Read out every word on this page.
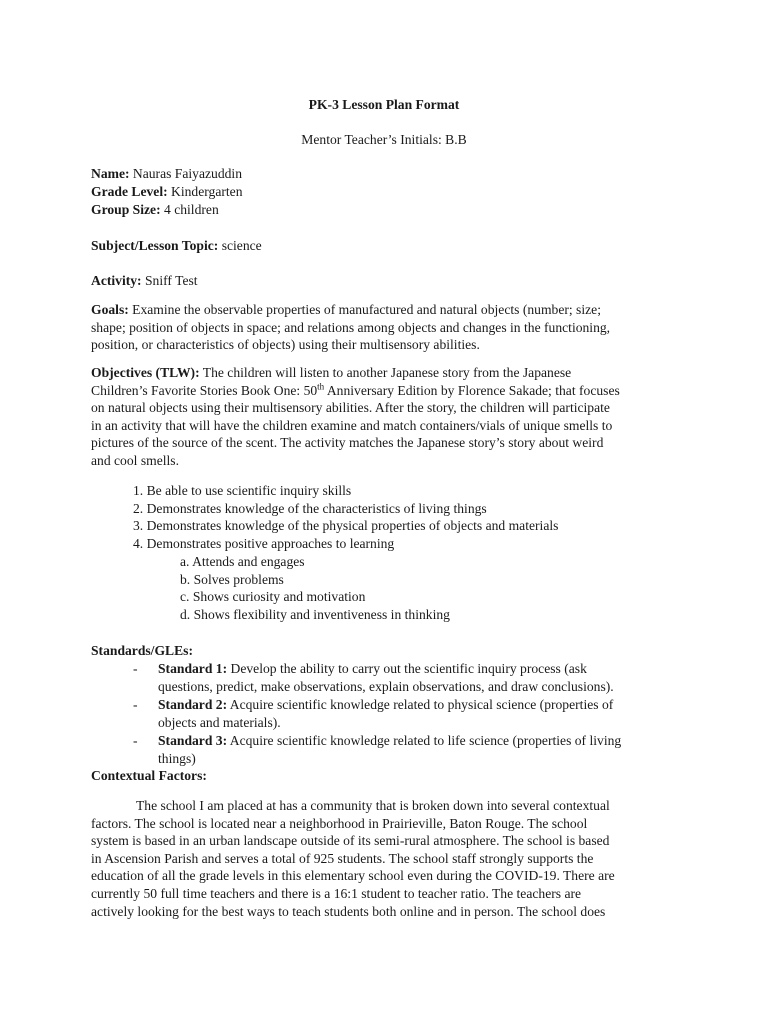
PK-3 Lesson Plan Format
Mentor Teacher’s Initials: B.B
Name: Nauras Faiyazuddin
Grade Level: Kindergarten
Group Size: 4 children
Subject/Lesson Topic: science
Activity: Sniff Test
Goals: Examine the observable properties of manufactured and natural objects (number; size;
shape; position of objects in space; and relations among objects and changes in the functioning,
position, or characteristics of objects) using their multisensory abilities.
Objectives (TLW): The children will listen to another Japanese story from the Japanese
Children’s Favorite Stories Book One: 50th Anniversary Edition by Florence Sakade; that focuses
on natural objects using their multisensory abilities. After the story, the children will participate
in an activity that will have the children examine and match containers/vials of unique smells to
pictures of the source of the scent. The activity matches the Japanese story’s story about weird
and cool smells.
1. Be able to use scientific inquiry skills
2. Demonstrates knowledge of the characteristics of living things
3. Demonstrates knowledge of the physical properties of objects and materials
4. Demonstrates positive approaches to learning
a. Attends and engages
b. Solves problems
c. Shows curiosity and motivation
d. Shows flexibility and inventiveness in thinking
Standards/GLEs:
-	Standard 1: Develop the ability to carry out the scientific inquiry process (ask
questions, predict, make observations, explain observations, and draw conclusions).
-	Standard 2: Acquire scientific knowledge related to physical science (properties of
objects and materials).
-	Standard 3: Acquire scientific knowledge related to life science (properties of living
things)
Contextual Factors:
The school I am placed at has a community that is broken down into several contextual
factors. The school is located near a neighborhood in Prairieville, Baton Rouge. The school
system is based in an urban landscape outside of its semi-rural atmosphere. The school is based
in Ascension Parish and serves a total of 925 students. The school staff strongly supports the
education of all the grade levels in this elementary school even during the COVID-19. There are
currently 50 full time teachers and there is a 16:1 student to teacher ratio. The teachers are
actively looking for the best ways to teach students both online and in person. The school does
